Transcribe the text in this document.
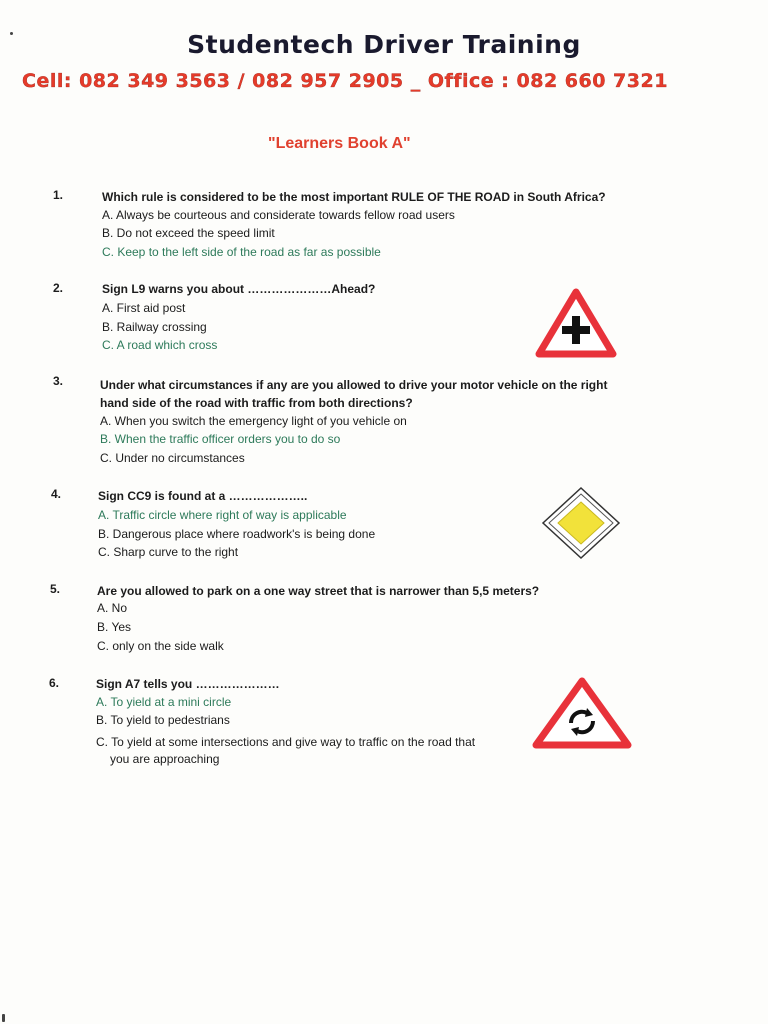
Studentech Driver Training
Cell: 082 349 3563 / 082 957 2905 _ Office : 082 660 7321
"Learners Book A"
1.	Which rule is considered to be the most important RULE OF THE ROAD in South Africa?
A. Always be courteous and considerate towards fellow road users
B. Do not exceed the speed limit
C. Keep to the left side of the road as far as possible
2.	Sign L9 warns you about …………………Ahead?
A. First aid post
B. Railway crossing
C. A road which cross
3.	Under what circumstances if any are you allowed to drive your motor vehicle on the right
hand side of the road with traffic from both directions?
A. When you switch the emergency light of you vehicle on
B. When the traffic officer orders you to do so
C. Under no circumstances
4.	Sign CC9 is found at a ………………..
A. Traffic circle where right of way is applicable
B. Dangerous place where roadwork's is being done
C. Sharp curve to the right
5.	Are you allowed to park on a one way street that is narrower than 5,5 meters?
A. No
B. Yes
C. only on the side walk
6.	Sign A7 tells you …………………
A. To yield at a mini circle
B. To yield to pedestrians
C. To yield at some intersections and give way to traffic on the road that
you are approaching
